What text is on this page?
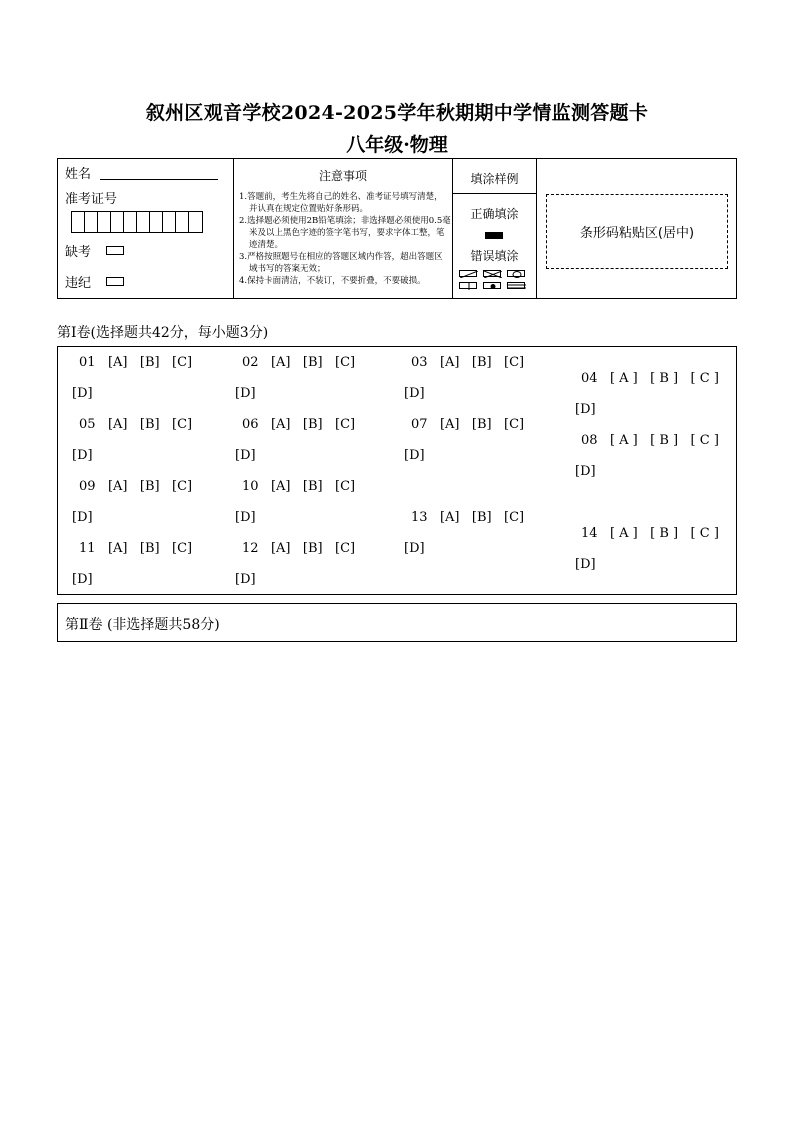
叙州区观音学校2024-2025学年秋期期中学情监测答题卡
八年级·物理
姓名
准考证号
缺考
违纪
注意事项
1.答题前，考生先将自己的姓名、准考证号填写清楚，并认真在规定位置贴好条形码。
2.选择题必须使用2B铅笔填涂；非选择题必须使用0.5毫米及以上黑色字迹的签字笔书写，要求字体工整，笔迹清楚。
3.严格按照题号在相应的答题区域内作答，超出答题区域书写的答案无效；
4.保持卡面清洁，不装订，不要折叠，不要破损。
填涂样例
正确填涂
错误填涂
条形码粘贴区(居中)
第Ⅰ卷(选择题共42分，每小题3分)
01 [A] [B] [C]
[D]
02 [A] [B] [C]
[D]
03 [A] [B] [C]
[D]
04 [ A ] [ B ] [ C ]
[D]
05 [A] [B] [C]
[D]
06 [A] [B] [C]
[D]
07 [A] [B] [C]
[D]
08 [ A ] [ B ] [ C ]
[D]
09 [A] [B] [C]
[D]
10 [A] [B] [C]
[D]	13 [A] [B] [C]
[D]
14 [ A ] [ B ] [ C ]
[D]
11 [A] [B] [C]
[D]
12 [A] [B] [C]
[D]
第Ⅱ卷 (非选择题共58分)
